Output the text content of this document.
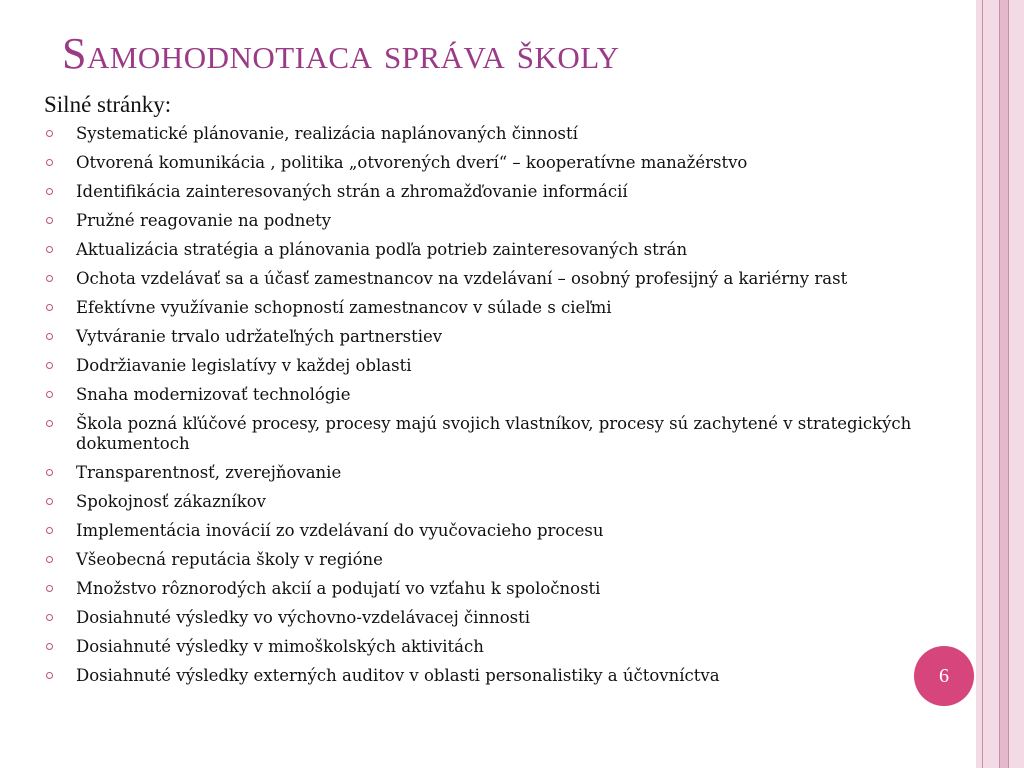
Samohodnotiaca správa školy
Silné stránky:
Systematické plánovanie, realizácia naplánovaných činností
Otvorená komunikácia , politika „otvorených dverí“ – kooperatívne manažérstvo
Identifikácia zainteresovaných strán a zhromažďovanie informácií
Pružné reagovanie na podnety
Aktualizácia stratégia a plánovania podľa potrieb zainteresovaných strán
Ochota vzdelávať sa a účasť zamestnancov na vzdelávaní – osobný profesijný a kariérny rast
Efektívne využívanie schopností zamestnancov v súlade s cieľmi
Vytváranie trvalo udržateľných partnerstiev
Dodržiavanie legislatívy v každej oblasti
Snaha modernizovať technológie
Škola pozná kľúčové procesy, procesy majú svojich vlastníkov, procesy sú zachytené v strategických dokumentoch
Transparentnosť, zverejňovanie
Spokojnosť zákazníkov
Implementácia inovácií zo vzdelávaní do vyučovacieho procesu
Všeobecná reputácia školy v regióne
Množstvo rôznorodých akcií a podujatí vo vzťahu k spoločnosti
Dosiahnuté výsledky vo výchovno-vzdelávacej činnosti
Dosiahnuté výsledky v mimoškolských aktivitách
Dosiahnuté výsledky externých auditov v oblasti personalistiky a účtovníctva	6
